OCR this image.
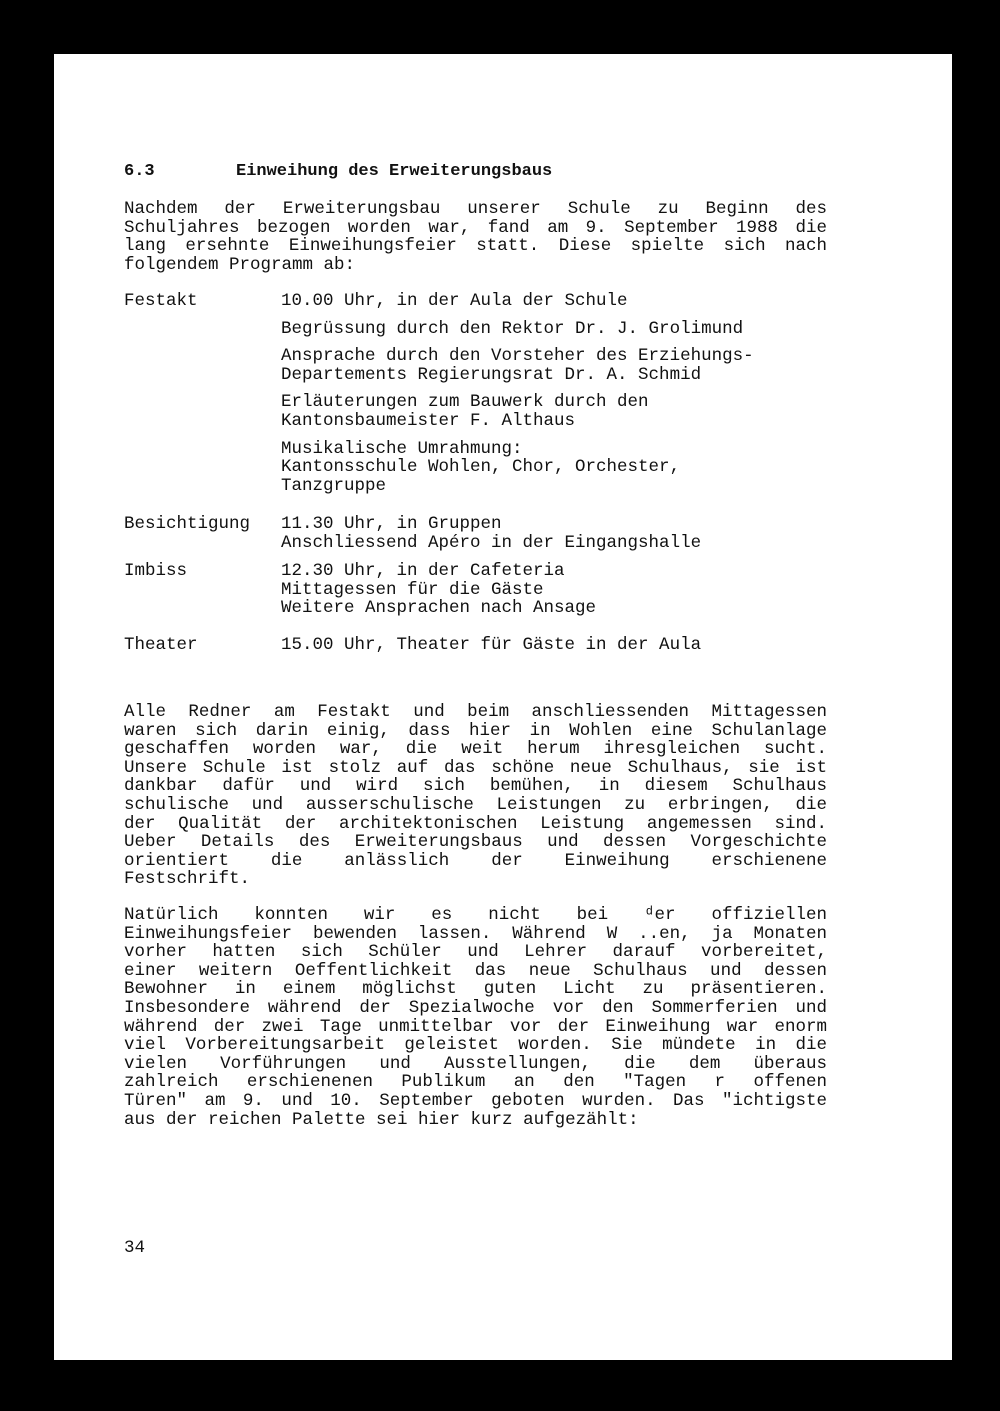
6.3	Einweihung des Erweiterungsbaus
Nachdem der Erweiterungsbau unserer Schule zu Beginn des
Schuljahres bezogen worden war, fand am 9. September 1988 die
lang ersehnte Einweihungsfeier statt. Diese spielte sich nach
folgendem Programm ab:
Festakt	10.00 Uhr, in der Aula der Schule
Begrüssung durch den Rektor Dr. J. Grolimund
Ansprache durch den Vorsteher des Erziehungs-
Departements Regierungsrat Dr. A. Schmid
Erläuterungen zum Bauwerk durch den
Kantonsbaumeister F. Althaus
Musikalische Umrahmung:
Kantonsschule Wohlen, Chor, Orchester,
Tanzgruppe
Besichtigung 11.30 Uhr, in Gruppen
Anschliessend Apéro in der Eingangshalle
Imbiss	12.30 Uhr, in der Cafeteria
Mittagessen für die Gäste
Weitere Ansprachen nach Ansage
Theater	15.00 Uhr, Theater für Gäste in der Aula
Alle Redner am Festakt und beim anschliessenden Mittagessen
waren sich darin einig, dass hier in Wohlen eine Schulanlage
geschaffen worden war, die weit herum ihresgleichen sucht.
Unsere Schule ist stolz auf das schöne neue Schulhaus, sie ist
dankbar dafür und wird sich bemühen, in diesem Schulhaus
schulische und ausserschulische Leistungen zu erbringen, die
der Qualität der architektonischen Leistung angemessen sind.
Ueber Details des Erweiterungsbaus und dessen Vorgeschichte
orientiert die anlässlich der Einweihung erschienene
Festschrift.
Natürlich konnten wir es nicht bei ᵈer offiziellen
Einweihungsfeier bewenden lassen. Während W ..en, ja Monaten
vorher hatten sich Schüler und Lehrer darauf vorbereitet,
einer weitern Oeffentlichkeit das neue Schulhaus und dessen
Bewohner in einem möglichst guten Licht zu präsentieren.
Insbesondere während der Spezialwoche vor den Sommerferien und
während der zwei Tage unmittelbar vor der Einweihung war enorm
viel Vorbereitungsarbeit geleistet worden. Sie mündete in die
vielen Vorführungen und Ausstellungen, die dem überaus
zahlreich erschienenen Publikum an den "Tagen r offenen
Türen" am 9. und 10. September geboten wurden. Das "ichtigste
aus der reichen Palette sei hier kurz aufgezählt:
34
